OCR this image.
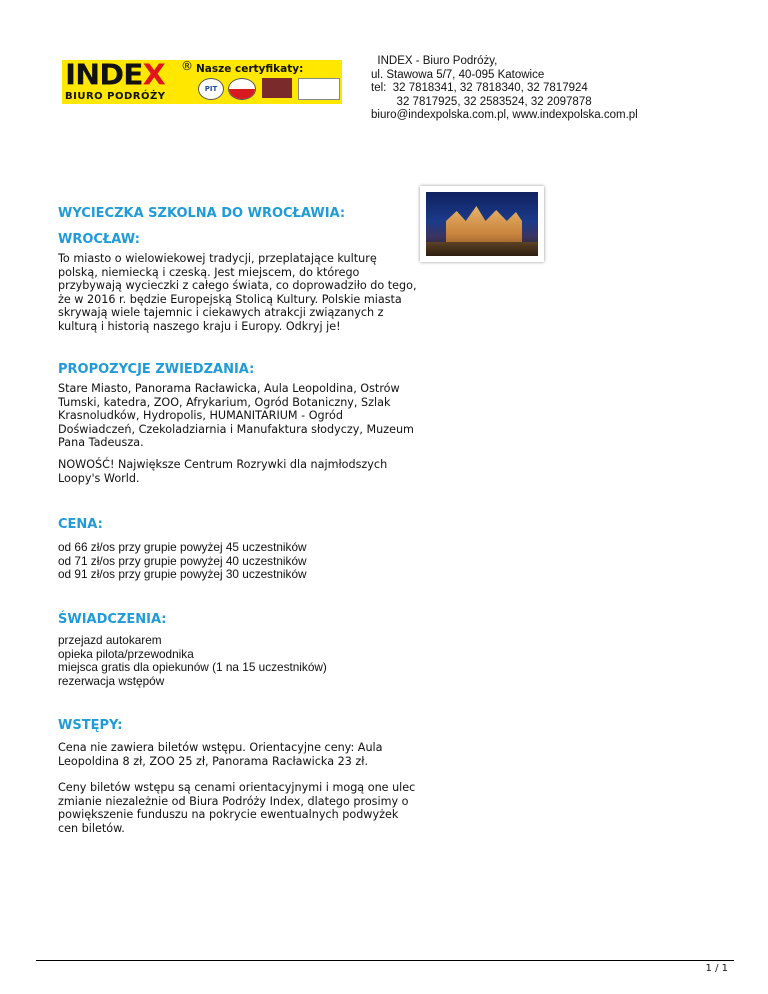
INDEX ®
BIURO PODRÓŻY
Nasze certyfikaty:
PIT
INDEX - Biuro Podróży,
ul. Stawowa 5/7, 40-095 Katowice
tel:  32 7818341, 32 7818340, 32 7817924
32 7817925, 32 2583524, 32 2097878
biuro@indexpolska.com.pl, www.indexpolska.com.pl
WYCIECZKA SZKOLNA DO WROCŁAWIA:
WROCŁAW:

To miasto o wielowiekowej tradycji, przeplatające kulturę
polską, niemiecką i czeską. Jest miejscem, do którego
przybywają wycieczki z całego świata, co doprowadziło do tego,
że w 2016 r. będzie Europejską Stolicą Kultury. Polskie miasta
skrywają wiele tajemnic i ciekawych atrakcji związanych z
kulturą i historią naszego kraju i Europy. Odkryj je!

PROPOZYCJE ZWIEDZANIA:

Stare Miasto, Panorama Racławicka, Aula Leopoldina, Ostrów
Tumski, katedra, ZOO, Afrykarium, Ogród Botaniczny, Szlak
Krasnoludków, Hydropolis, HUMANITARIUM - Ogród
Doświadczeń, Czekoladziarnia i Manufaktura słodyczy, Muzeum
Pana Tadeusza.

NOWOŚĆ! Największe Centrum Rozrywki dla najmłodszych
Loopy's World.

CENA:

od 66 zł/os przy grupie powyżej 45 uczestników
od 71 zł/os przy grupie powyżej 40 uczestników
od 91 zł/os przy grupie powyżej 30 uczestników

ŚWIADCZENIA:

przejazd autokarem
opieka pilota/przewodnika
miejsca gratis dla opiekunów (1 na 15 uczestników)
rezerwacja wstępów

WSTĘPY:

Cena nie zawiera biletów wstępu. Orientacyjne ceny: Aula
Leopoldina 8 zł, ZOO 25 zł, Panorama Racławicka 23 zł.

Ceny biletów wstępu są cenami orientacyjnymi i mogą one ulec
zmianie niezależnie od Biura Podróży Index, dlatego prosimy o
powiększenie funduszu na pokrycie ewentualnych podwyżek
cen biletów.

1 / 1
